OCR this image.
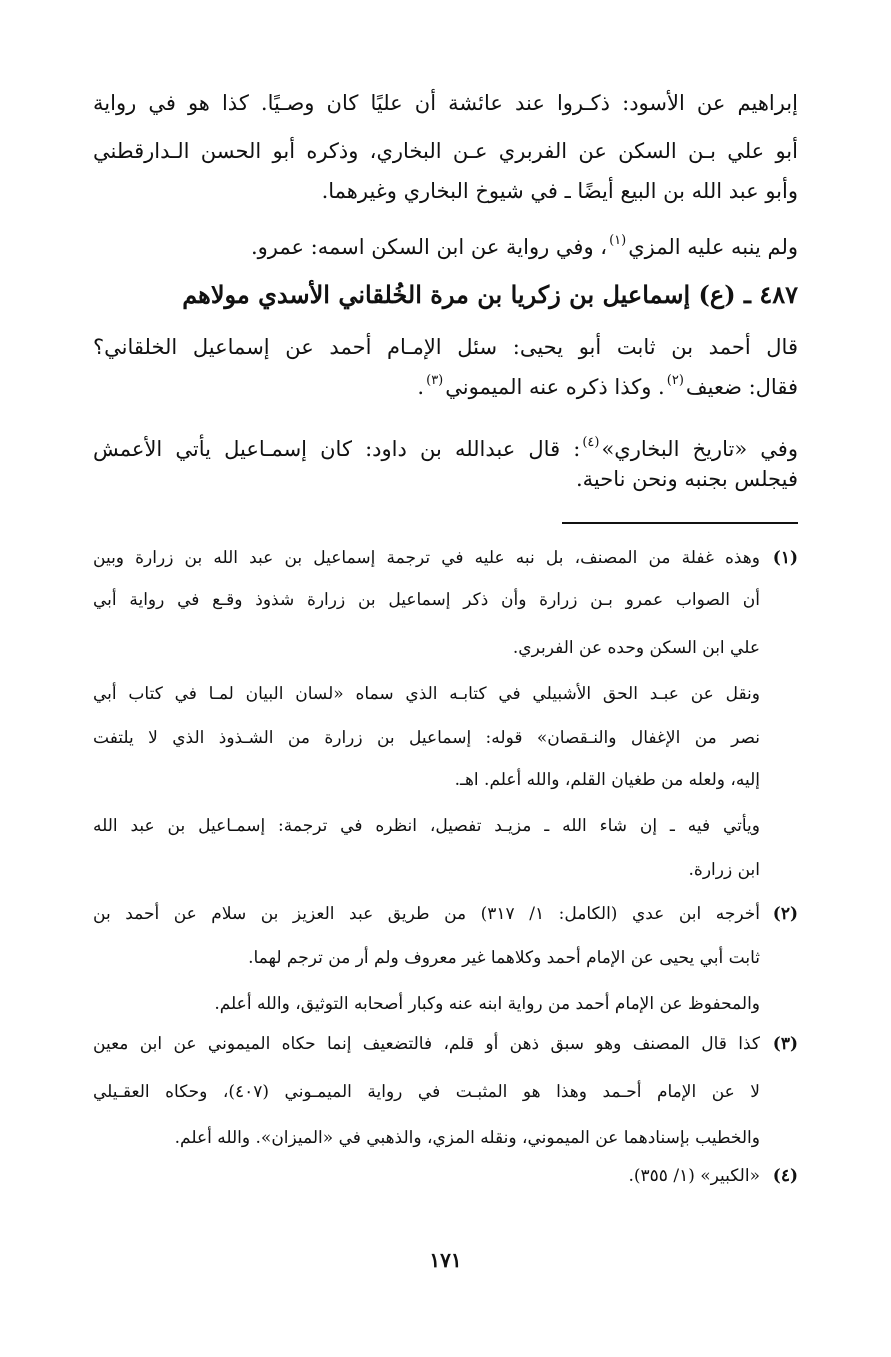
إبراهيم عن الأسود: ذكـروا عند عائشة أن عليًا كان وصـيًا. كذا هو في رواية
أبو علي بـن السكن عن الفربري عـن البخاري، وذكره أبو الحسن الـدارقطني
وأبو عبد الله بن البيع أيضًا ـ في شيوخ البخاري وغيرهما.
ولم ينبه عليه المزي$^{(١)}$، وفي رواية عن ابن السكن اسمه: عمرو.
٤٨٧ ـ (ع) إسماعيل بن زكريا بن مرة الخُلقاني الأسدي مولاهم
قال أحمد بن ثابت أبو يحيى: سئل الإمـام أحمد عن إسماعيل الخلقاني؟
فقال: ضعيف$^{(٢)}$. وكذا ذكره عنه الميموني$^{(٣)}$.
وفي «تاريخ البخاري»$^{(٤)}$: قال عبدالله بن داود: كان إسمـاعيل يأتي الأعمش
فيجلس بجنبه ونحن ناحية.
(١)
وهذه غفلة من المصنف، بل نبه عليه في ترجمة إسماعيل بن عبد الله بن زرارة وبين
أن الصواب عمرو بـن زرارة وأن ذكر إسماعيل بن زرارة شذوذ وقـع في رواية أبي
علي ابن السكن وحده عن الفربري.
ونقل عن عبـد الحق الأشبيلي في كتابـه الذي سماه «لسان البيان لمـا في كتاب أبي
نصر من الإغفال والنـقصان» قوله: إسماعيل بن زرارة من الشـذوذ الذي لا يلتفت
إليه، ولعله من طغيان القلم، والله أعلم. اهـ.
ويأتي فيه ـ إن شاء الله ـ مزيـد تفصيل، انظره في ترجمة: إسمـاعيل بن عبد الله
ابن زرارة.
(٢)
أخرجه ابن عدي (الكامل: ١/ ٣١٧) من طريق عبد العزيز بن سلام عن أحمد بن
ثابت أبي يحيى عن الإمام أحمد وكلاهما غير معروف ولم أر من ترجم لهما.
والمحفوظ عن الإمام أحمد من رواية ابنه عنه وكبار أصحابه التوثيق، والله أعلم.
(٣)
كذا قال المصنف وهو سبق ذهن أو قلم، فالتضعيف إنما حكاه الميموني عن ابن معين
لا عن الإمام أحـمد وهذا هو المثبـت في رواية الميمـوني (٤٠٧)، وحكاه العقـيلي
والخطيب بإسنادهما عن الميموني، ونقله المزي، والذهبي في «الميزان». والله أعلم.
(٤)
«الكبير» (١/ ٣٥٥).
١٧١
